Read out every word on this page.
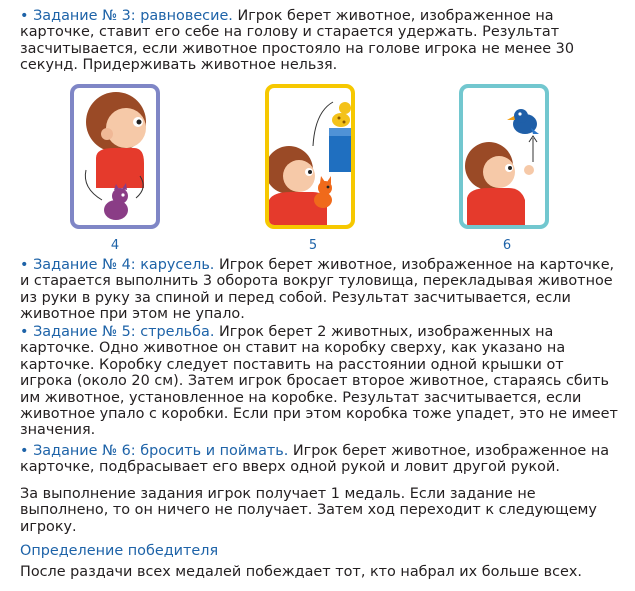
• Задание № 3: равновесие. Игрок берет животное, изображенное на карточке, ставит его себе на голову и старается удержать. Результат засчитывается, если животное простояло на голове игрока не менее 30 секунд. Придерживать животное нельзя.

4	5	6

• Задание № 4: карусель. Игрок берет животное, изображенное на карточке, и старается выполнить 3 оборота вокруг туловища, перекладывая животное из руки в руку за спиной и перед собой. Результат засчитывается, если животное при этом не упало.

• Задание № 5: стрельба. Игрок берет 2 животных, изображенных на карточке. Одно животное он ставит на коробку сверху, как указано на карточке. Коробку следует поставить на расстоянии одной крышки от игрока (около 20 см). Затем игрок бросает второе животное, стараясь сбить им животное, установленное на коробке. Результат засчитывается, если животное упало с коробки. Если при этом коробка тоже упадет, это не имеет значения.

• Задание № 6: бросить и поймать. Игрок берет животное, изображенное на карточке, подбрасывает его вверх одной рукой и ловит другой рукой.

За выполнение задания игрок получает 1 медаль. Если задание не выполнено, то он ничего не получает. Затем ход переходит к следующему игроку.

Определение победителя

После раздачи всех медалей побеждает тот, кто набрал их больше всех.
